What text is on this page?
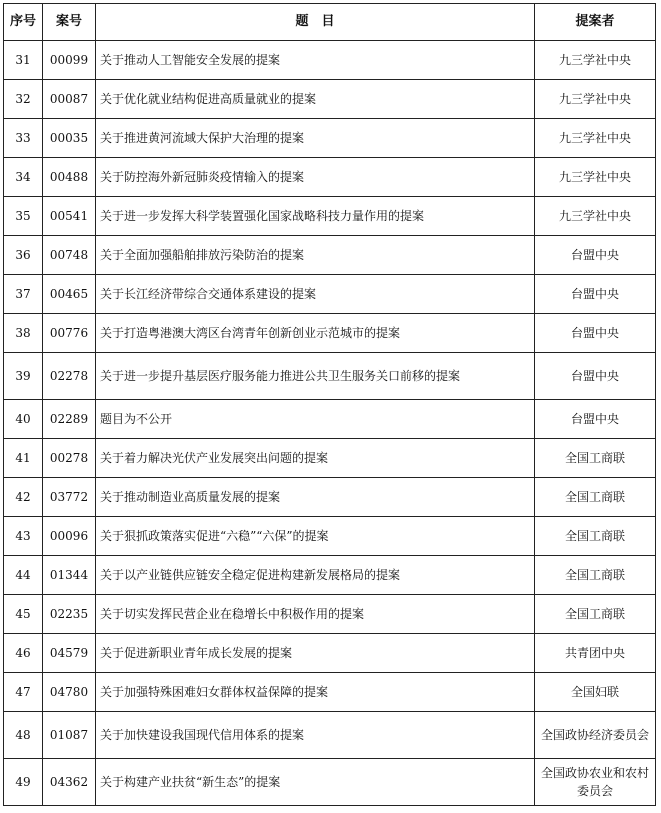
序号	案号	题　目	提案者
31	00099	关于推动人工智能安全发展的提案	九三学社中央
32	00087	关于优化就业结构促进高质量就业的提案	九三学社中央
33	00035	关于推进黄河流域大保护大治理的提案	九三学社中央
34	00488	关于防控海外新冠肺炎疫情输入的提案	九三学社中央
35	00541	关于进一步发挥大科学装置强化国家战略科技力量作用的提案	九三学社中央
36	00748	关于全面加强船舶排放污染防治的提案	台盟中央
37	00465	关于长江经济带综合交通体系建设的提案	台盟中央
38	00776	关于打造粤港澳大湾区台湾青年创新创业示范城市的提案	台盟中央
39	02278	关于进一步提升基层医疗服务能力推进公共卫生服务关口前移的提案	台盟中央
40	02289	题目为不公开	台盟中央
41	00278	关于着力解决光伏产业发展突出问题的提案	全国工商联
42	03772	关于推动制造业高质量发展的提案	全国工商联
43	00096	关于狠抓政策落实促进“六稳”“六保”的提案	全国工商联
44	01344	关于以产业链供应链安全稳定促进构建新发展格局的提案	全国工商联
45	02235	关于切实发挥民营企业在稳增长中积极作用的提案	全国工商联
46	04579	关于促进新职业青年成长发展的提案	共青团中央
47	04780	关于加强特殊困难妇女群体权益保障的提案	全国妇联
48	01087	关于加快建设我国现代信用体系的提案	全国政协经济委员会
49	04362	关于构建产业扶贫“新生态”的提案	全国政协农业和农村委员会
